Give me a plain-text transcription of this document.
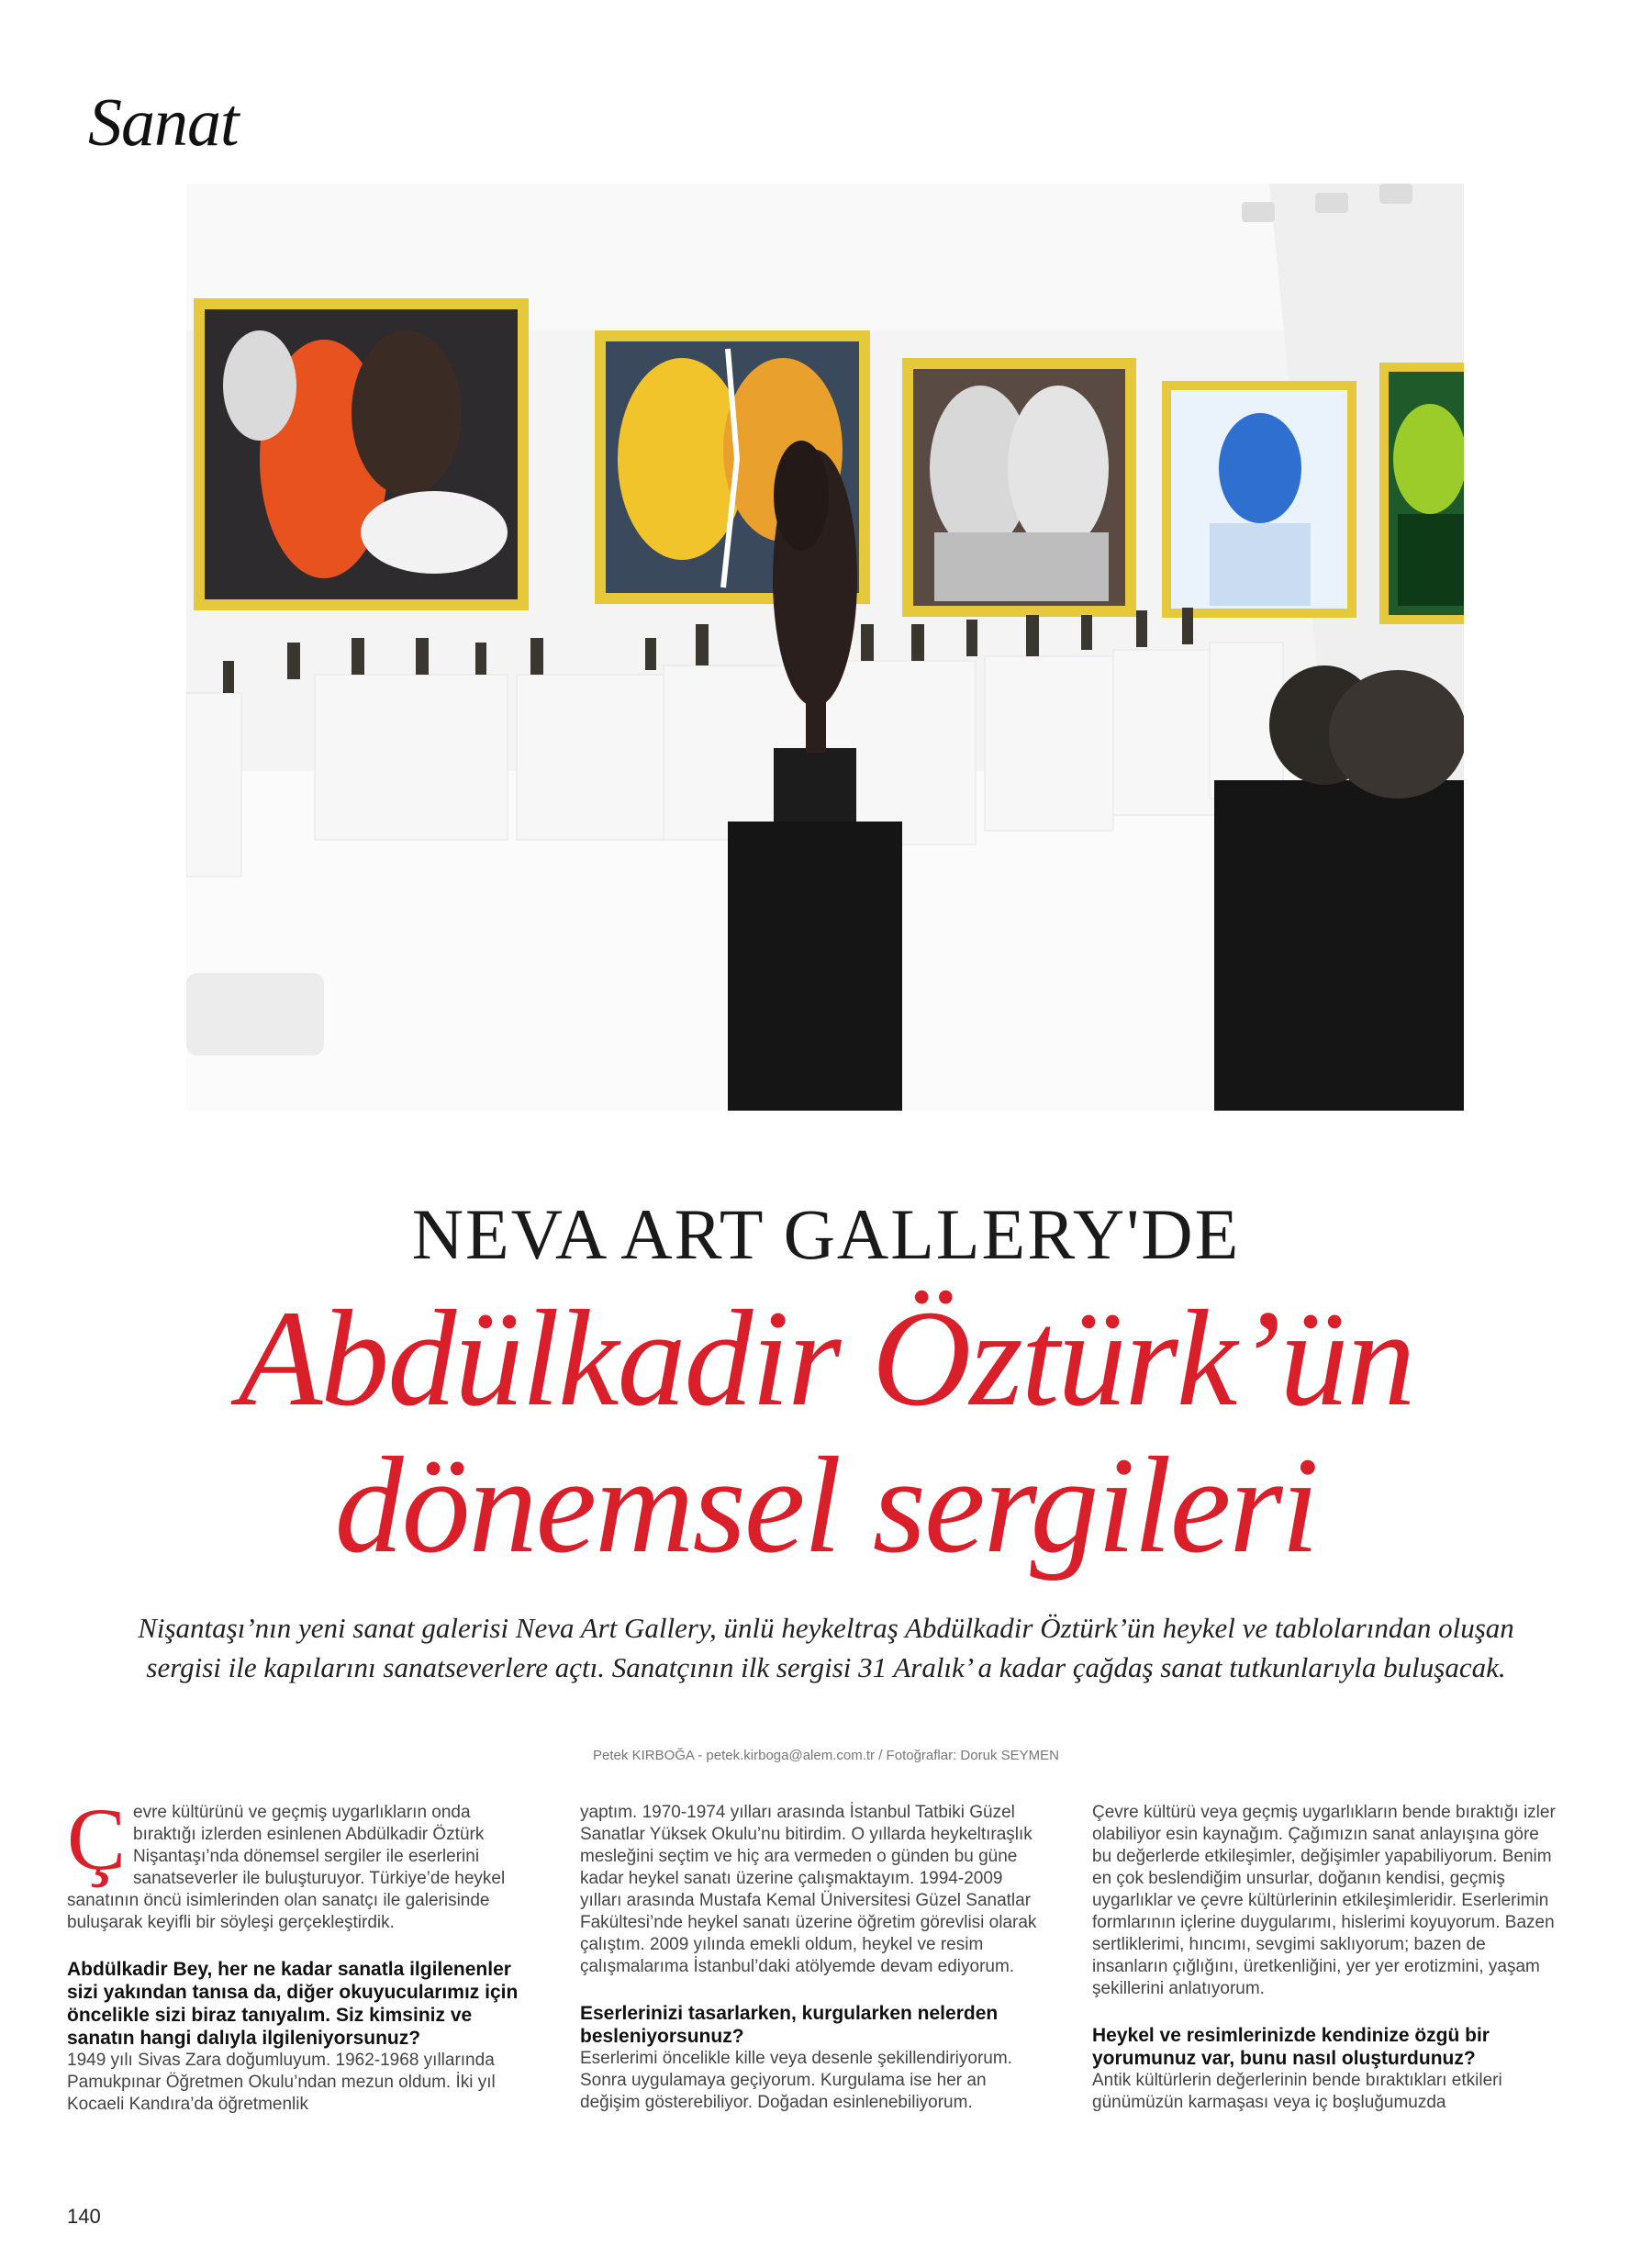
Sanat
NEVA ART GALLERY'DE
Abdülkadir Öztürk’ün
dönemsel sergileri

Nişantaşı’nın yeni sanat galerisi Neva Art Gallery, ünlü heykeltraş Abdülkadir Öztürk’ün heykel ve tablolarından oluşan sergisi ile kapılarını sanatseverlere açtı. Sanatçının ilk sergisi 31 Aralık’ a kadar çağdaş sanat tutkunlarıyla buluşacak.

Petek KIRBOĞA - petek.kirboga@alem.com.tr / Fotoğraflar: Doruk SEYMEN
Ç evre kültürünü ve geçmiş uygarlıkların onda bıraktığı izlerden esinlenen Abdülkadir Öztürk Nişantaşı’nda dönemsel sergiler ile eserlerini sanatseverler ile buluşturuyor. Türkiye’de heykel sanatının öncü isimlerinden olan sanatçı ile galerisinde buluşarak keyifli bir söyleşi gerçekleştirdik.

Abdülkadir Bey, her ne kadar sanatla ilgilenenler sizi yakından tanısa da, diğer okuyucularımız için öncelikle sizi biraz tanıyalım. Siz kimsiniz ve sanatın hangi dalıyla ilgileniyorsunuz?

1949 yılı Sivas Zara doğumluyum. 1962-1968 yıllarında Pamukpınar Öğretmen Okulu’ndan mezun oldum. İki yıl Kocaeli Kandıra’da öğretmenlik

yaptım. 1970-1974 yılları arasında İstanbul Tatbiki Güzel Sanatlar Yüksek Okulu’nu bitirdim. O yıllarda heykeltıraşlık mesleğini seçtim ve hiç ara vermeden o günden bu güne kadar heykel sanatı üzerine çalışmaktayım. 1994-2009 yılları arasında Mustafa Kemal Üniversitesi Güzel Sanatlar Fakültesi’nde heykel sanatı üzerine öğretim görevlisi olarak çalıştım. 2009 yılında emekli oldum, heykel ve resim çalışmalarıma İstanbul’daki atölyemde devam ediyorum.

Eserlerinizi tasarlarken, kurgularken nelerden besleniyorsunuz?

Eserlerimi öncelikle kille veya desenle şekillendiriyorum. Sonra uygulamaya geçiyorum. Kurgulama ise her an değişim gösterebiliyor. Doğadan esinlenebiliyorum.

Çevre kültürü veya geçmiş uygarlıkların bende bıraktığı izler olabiliyor esin kaynağım. Çağımızın sanat anlayışına göre bu değerlerde etkileşimler, değişimler yapabiliyorum. Benim en çok beslendiğim unsurlar, doğanın kendisi, geçmiş uygarlıklar ve çevre kültürlerinin etkileşimleridir. Eserlerimin formlarının içlerine duygularımı, hislerimi koyuyorum. Bazen sertliklerimi, hıncımı, sevgimi saklıyorum; bazen de insanların çığlığını, üretkenliğini, yer yer erotizmini, yaşam şekillerini anlatıyorum.

Heykel ve resimlerinizde kendinize özgü bir yorumunuz var, bunu nasıl oluşturdunuz?

Antik kültürlerin değerlerinin bende bıraktıkları etkileri günümüzün karmaşası veya iç boşluğumuzda

140
